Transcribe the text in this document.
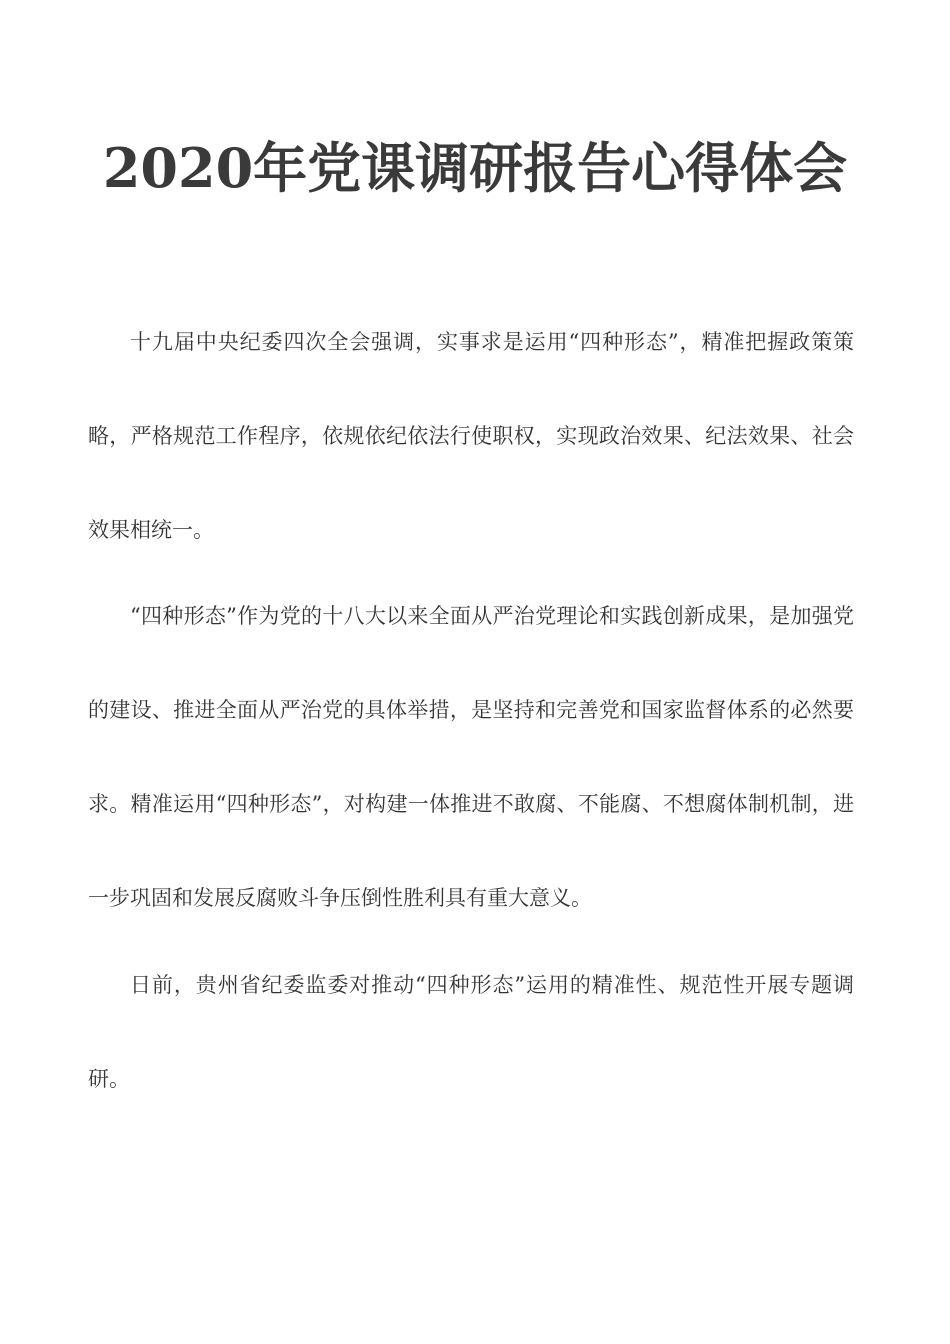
2020年党课调研报告心得体会

十九届中央纪委四次全会强调，实事求是运用“四种形态”，精准把握政策策略，严格规范工作程序，依规依纪依法行使职权，实现政治效果、纪法效果、社会效果相统一。

“四种形态”作为党的十八大以来全面从严治党理论和实践创新成果，是加强党的建设、推进全面从严治党的具体举措，是坚持和完善党和国家监督体系的必然要求。精准运用“四种形态”，对构建一体推进不敢腐、不能腐、不想腐体制机制，进一步巩固和发展反腐败斗争压倒性胜利具有重大意义。

日前，贵州省纪委监委对推动“四种形态”运用的精准性、规范性开展专题调研。
